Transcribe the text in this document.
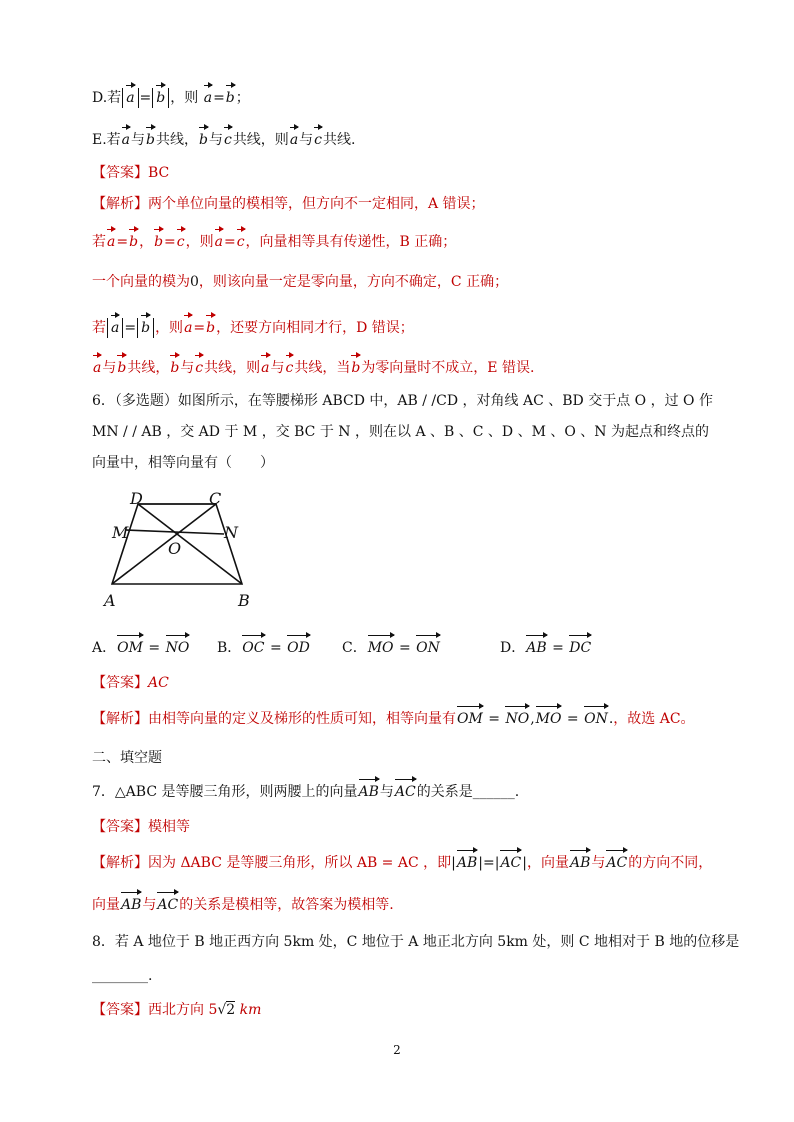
D.若 a = b ，则 a=b；
E.若a与b共线，b与c共线，则a与c共线.
【答案】BC
【解析】两个单位向量的模相等，但方向不一定相同，A 错误；
若a=b，b=c，则a=c，向量相等具有传递性，B 正确；
一个向量的模为0，则该向量一定是零向量，方向不确定，C 正确；
若 a = b ，则a=b，还要方向相同才行，D 错误；
a与b共线，b与c共线，则a与c共线，当b为零向量时不成立，E 错误.
6．（多选题）如图所示，在等腰梯形 ABCD 中，AB / /CD ，对角线 AC 、BD 交于点 O ，过 O 作
MN / / AB ，交 AD 于 M ，交 BC 于 N ，则在以 A 、B 、C 、D 、M 、O 、N 为起点和终点的
向量中，相等向量有（　　）
D	C
M	N
O
A	B
A．OM = NO B．OC = OD C．MO = ON	D．AB = DC
【答案】AC
【解析】由相等向量的定义及梯形的性质可知，相等向量有OM = NO,MO = ON.，故选 AC。
二、填空题
7．△ABC 是等腰三角形，则两腰上的向量AB与AC的关系是______.
【答案】模相等
【解析】因为 ΔABC 是等腰三角形，所以 AB = AC ，即|AB|=|AC|，向量AB与AC的方向不同，
向量AB与AC的关系是模相等，故答案为模相等.
8．若 A 地位于 B 地正西方向 5km 处，C 地位于 A 地正北方向 5km 处，则 C 地相对于 B 地的位移是
________.
【答案】西北方向 5√2 km
2
